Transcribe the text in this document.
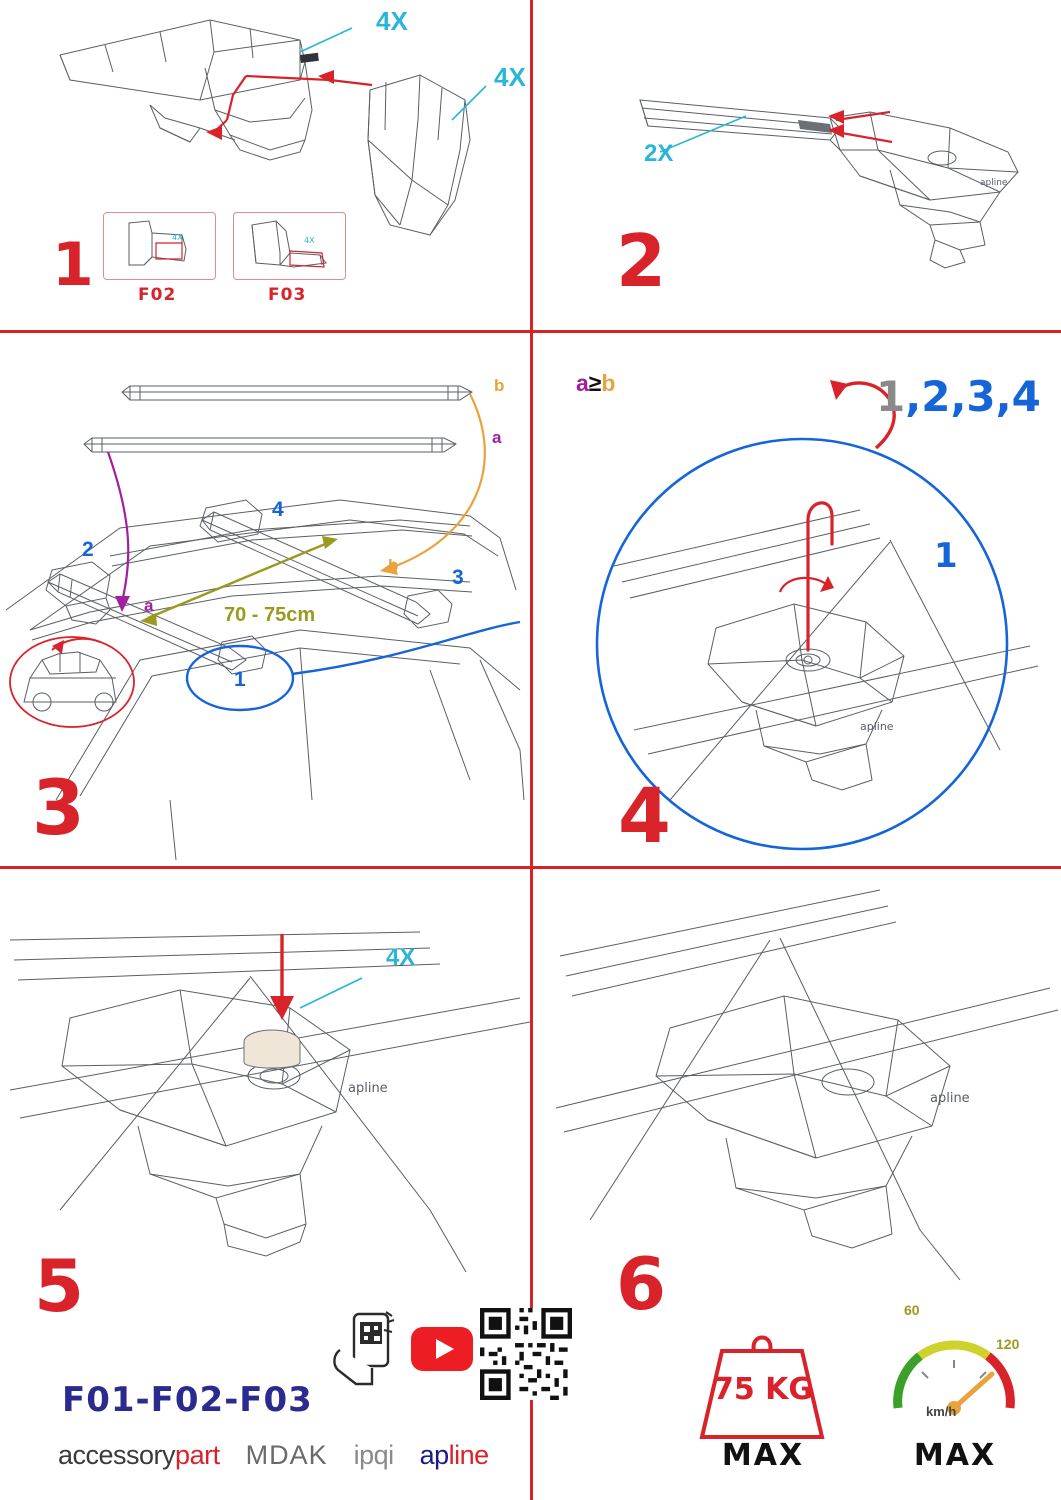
4X
4X
4X
F02
4X
F03
1
apline
2X
2
b
a
a
b
a≥b
70 - 75cm
2
4
3
1
3
apline
1,2,3,4
1
4
apline
4X
apline
5
F01-F02-F03
accessorypart MDAK ipqi apline
6
75 KG
MAX
60
120
km/h
MAX
